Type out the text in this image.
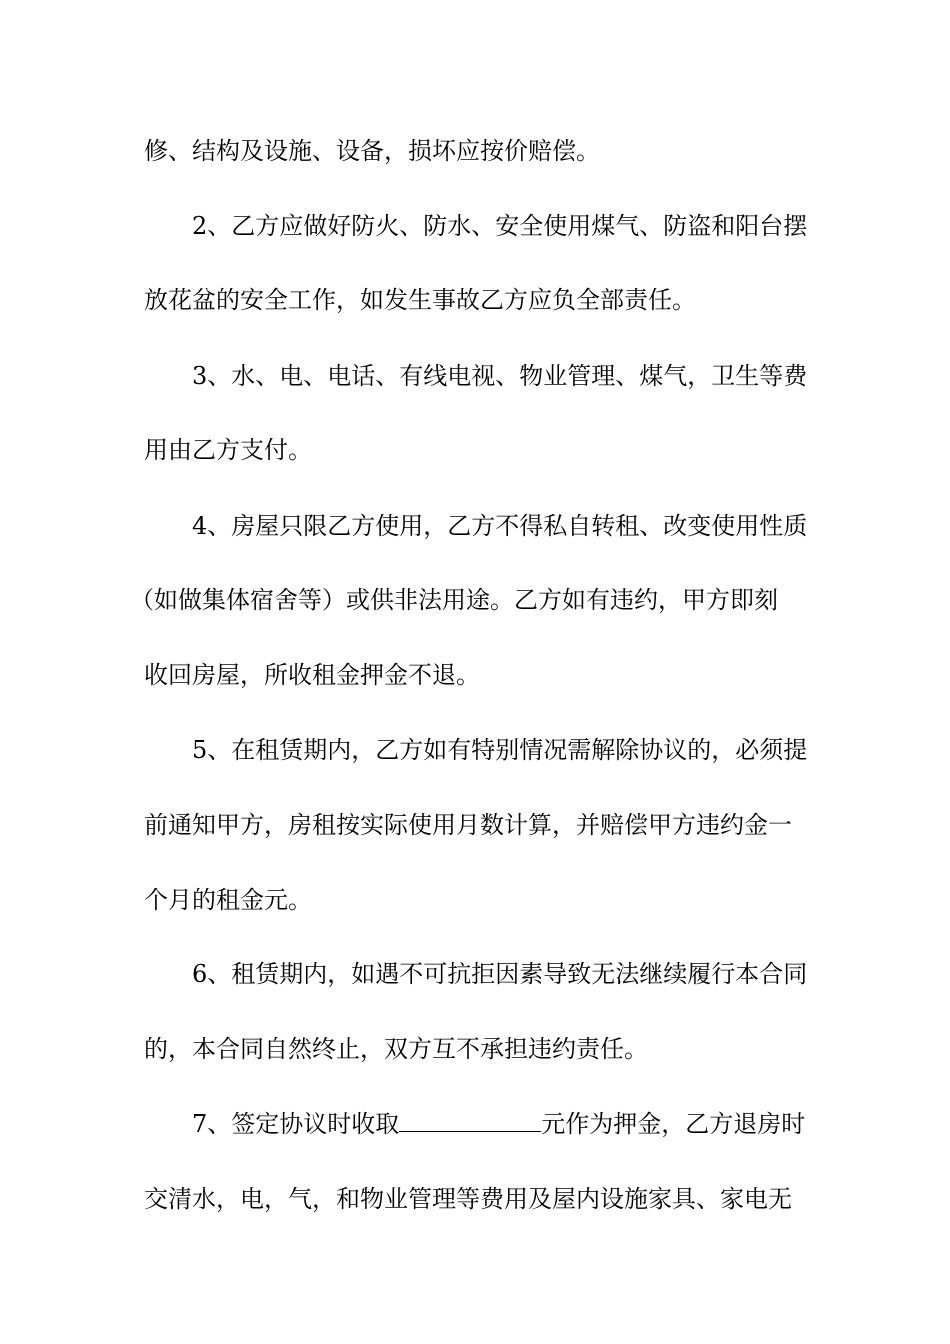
修、结构及设施、设备，损坏应按价赔偿。
2、乙方应做好防火、防水、安全使用煤气、防盗和阳台摆
放花盆的安全工作，如发生事故乙方应负全部责任。
3、水、电、电话、有线电视、物业管理、煤气，卫生等费
用由乙方支付。
4、房屋只限乙方使用，乙方不得私自转租、改变使用性质
（如做集体宿舍等）或供非法用途。乙方如有违约，甲方即刻
收回房屋，所收租金押金不退。
5、在租赁期内，乙方如有特别情况需解除协议的，必须提
前通知甲方，房租按实际使用月数计算，并赔偿甲方违约金一
个月的租金元。
6、租赁期内，如遇不可抗拒因素导致无法继续履行本合同
的，本合同自然终止，双方互不承担违约责任。
7、签定协议时收取	元作为押金，乙方退房时
交清水，电，气，和物业管理等费用及屋内设施家具、家电无
